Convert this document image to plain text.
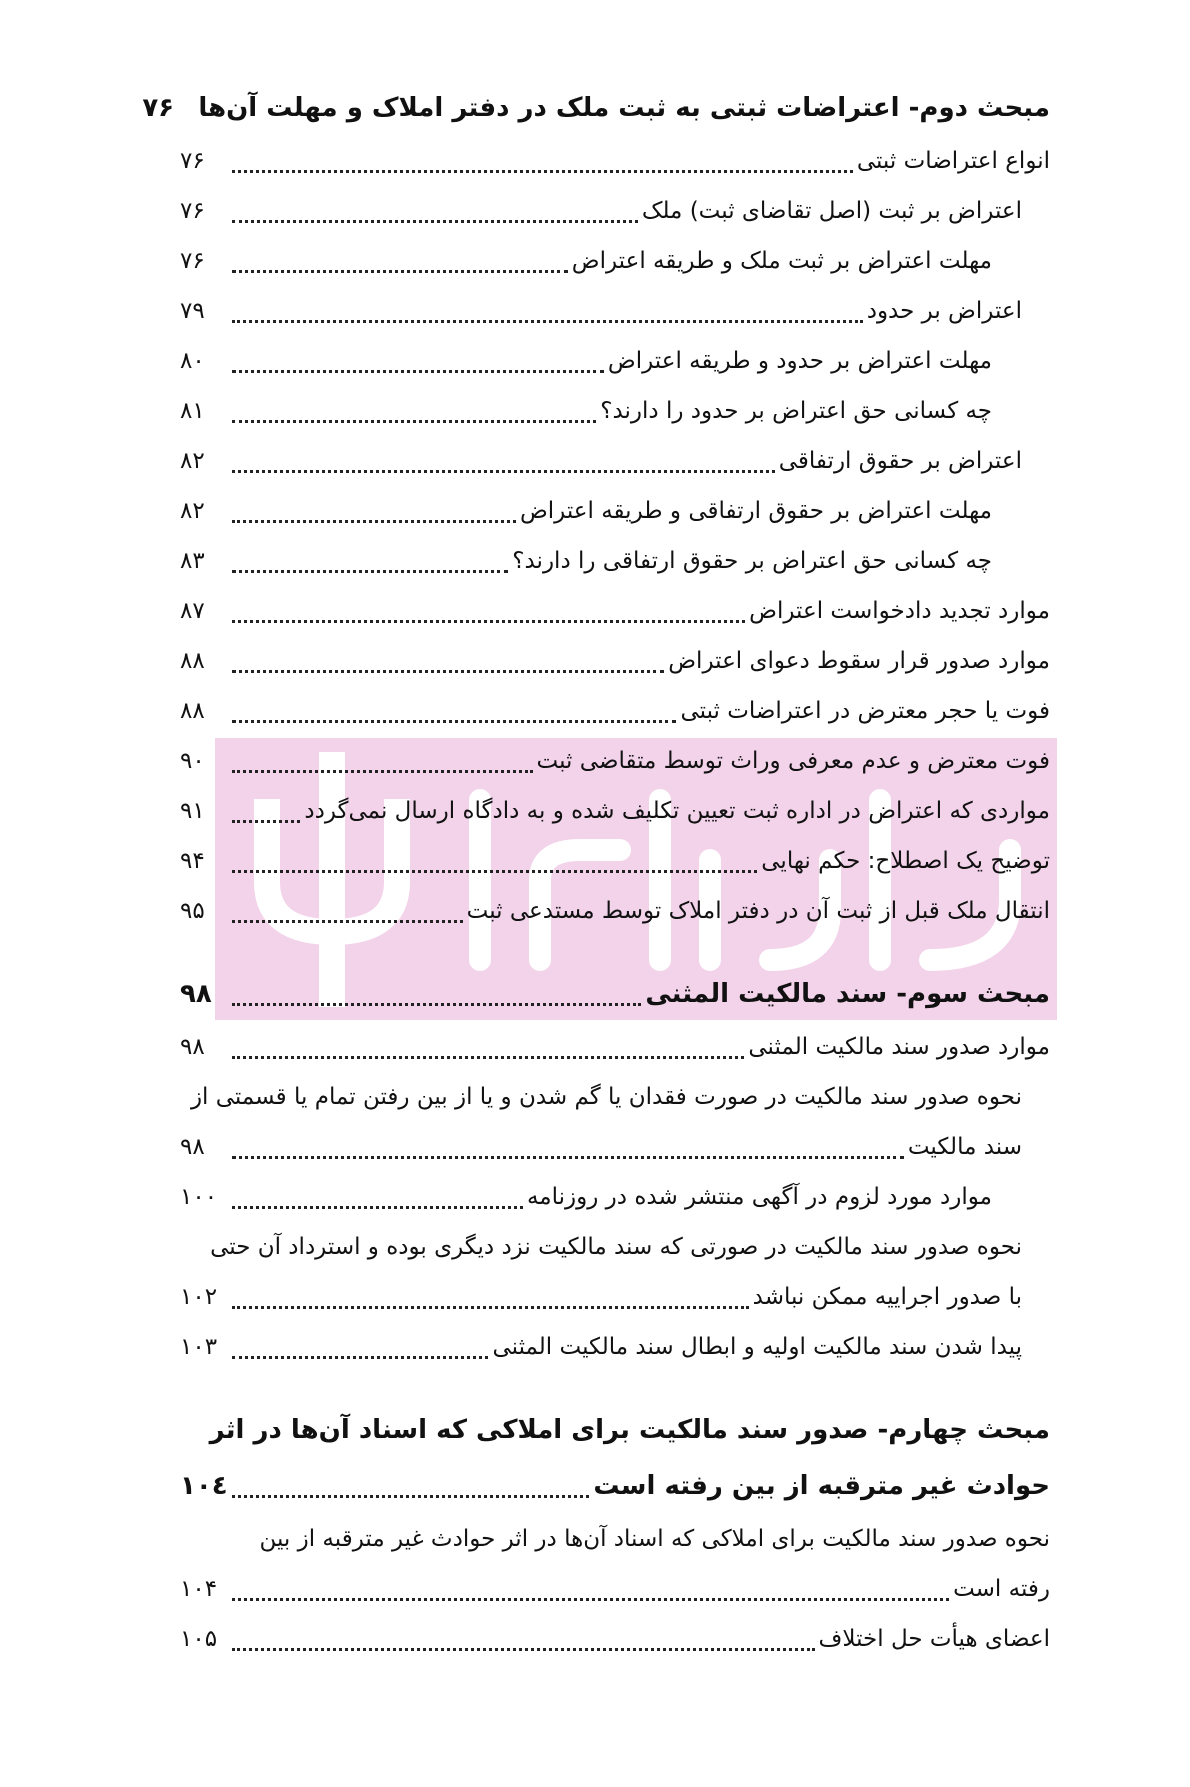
مبحث دوم- اعتراضات ثبتی به ثبت ملک در دفتر املاک و مهلت آن‌ها
۷۶
انواع اعتراضات ثبتی
۷۶
اعتراض بر ثبت (اصل تقاضای ثبت) ملک
۷۶
مهلت اعتراض بر ثبت ملک و طریقه اعتراض
۷۶
اعتراض بر حدود
۷۹
مهلت اعتراض بر حدود و طریقه اعتراض
۸۰
چه کسانی حق اعتراض بر حدود را دارند؟
۸۱
اعتراض بر حقوق ارتفاقی
۸۲
مهلت اعتراض بر حقوق ارتفاقی و طریقه اعتراض
۸۲
چه کسانی حق اعتراض بر حقوق ارتفاقی را دارند؟
۸۳
موارد تجدید دادخواست اعتراض
۸۷
موارد صدور قرار سقوط دعوای اعتراض
۸۸
فوت یا حجر معترض در اعتراضات ثبتی
۸۸
فوت معترض و عدم معرفی وراث توسط متقاضی ثبت
۹۰
مواردی که اعتراض در اداره ثبت تعیین تکلیف شده و به دادگاه ارسال نمی‌گردد
۹۱
توضیح یک اصطلاح: حکم نهایی
۹۴
انتقال ملک قبل از ثبت آن در دفتر املاک توسط مستدعی ثبت
۹۵
مبحث سوم- سند مالکیت المثنی
۹۸
موارد صدور سند مالکیت المثنی
۹۸
نحوه صدور سند مالکیت در صورت فقدان یا گم شدن و یا از بین رفتن تمام یا قسمتی از
سند مالکیت
۹۸
موارد مورد لزوم در آگهی منتشر شده در روزنامه
۱۰۰
نحوه صدور سند مالکیت در صورتی که سند مالکیت نزد دیگری بوده و استرداد آن حتی
با صدور اجراییه ممکن نباشد
۱۰۲
پیدا شدن سند مالکیت اولیه و ابطال سند مالکیت المثنی
۱۰۳
مبحث چهارم- صدور سند مالکیت برای املاکی که اسناد آن‌ها در اثر
حوادث غیر مترقبه از بین رفته است
۱۰٤
نحوه صدور سند مالکیت برای املاکی که اسناد آن‌ها در اثر حوادث غیر مترقبه از بین
رفته است
۱۰۴
اعضای هیأت حل اختلاف
۱۰۵
